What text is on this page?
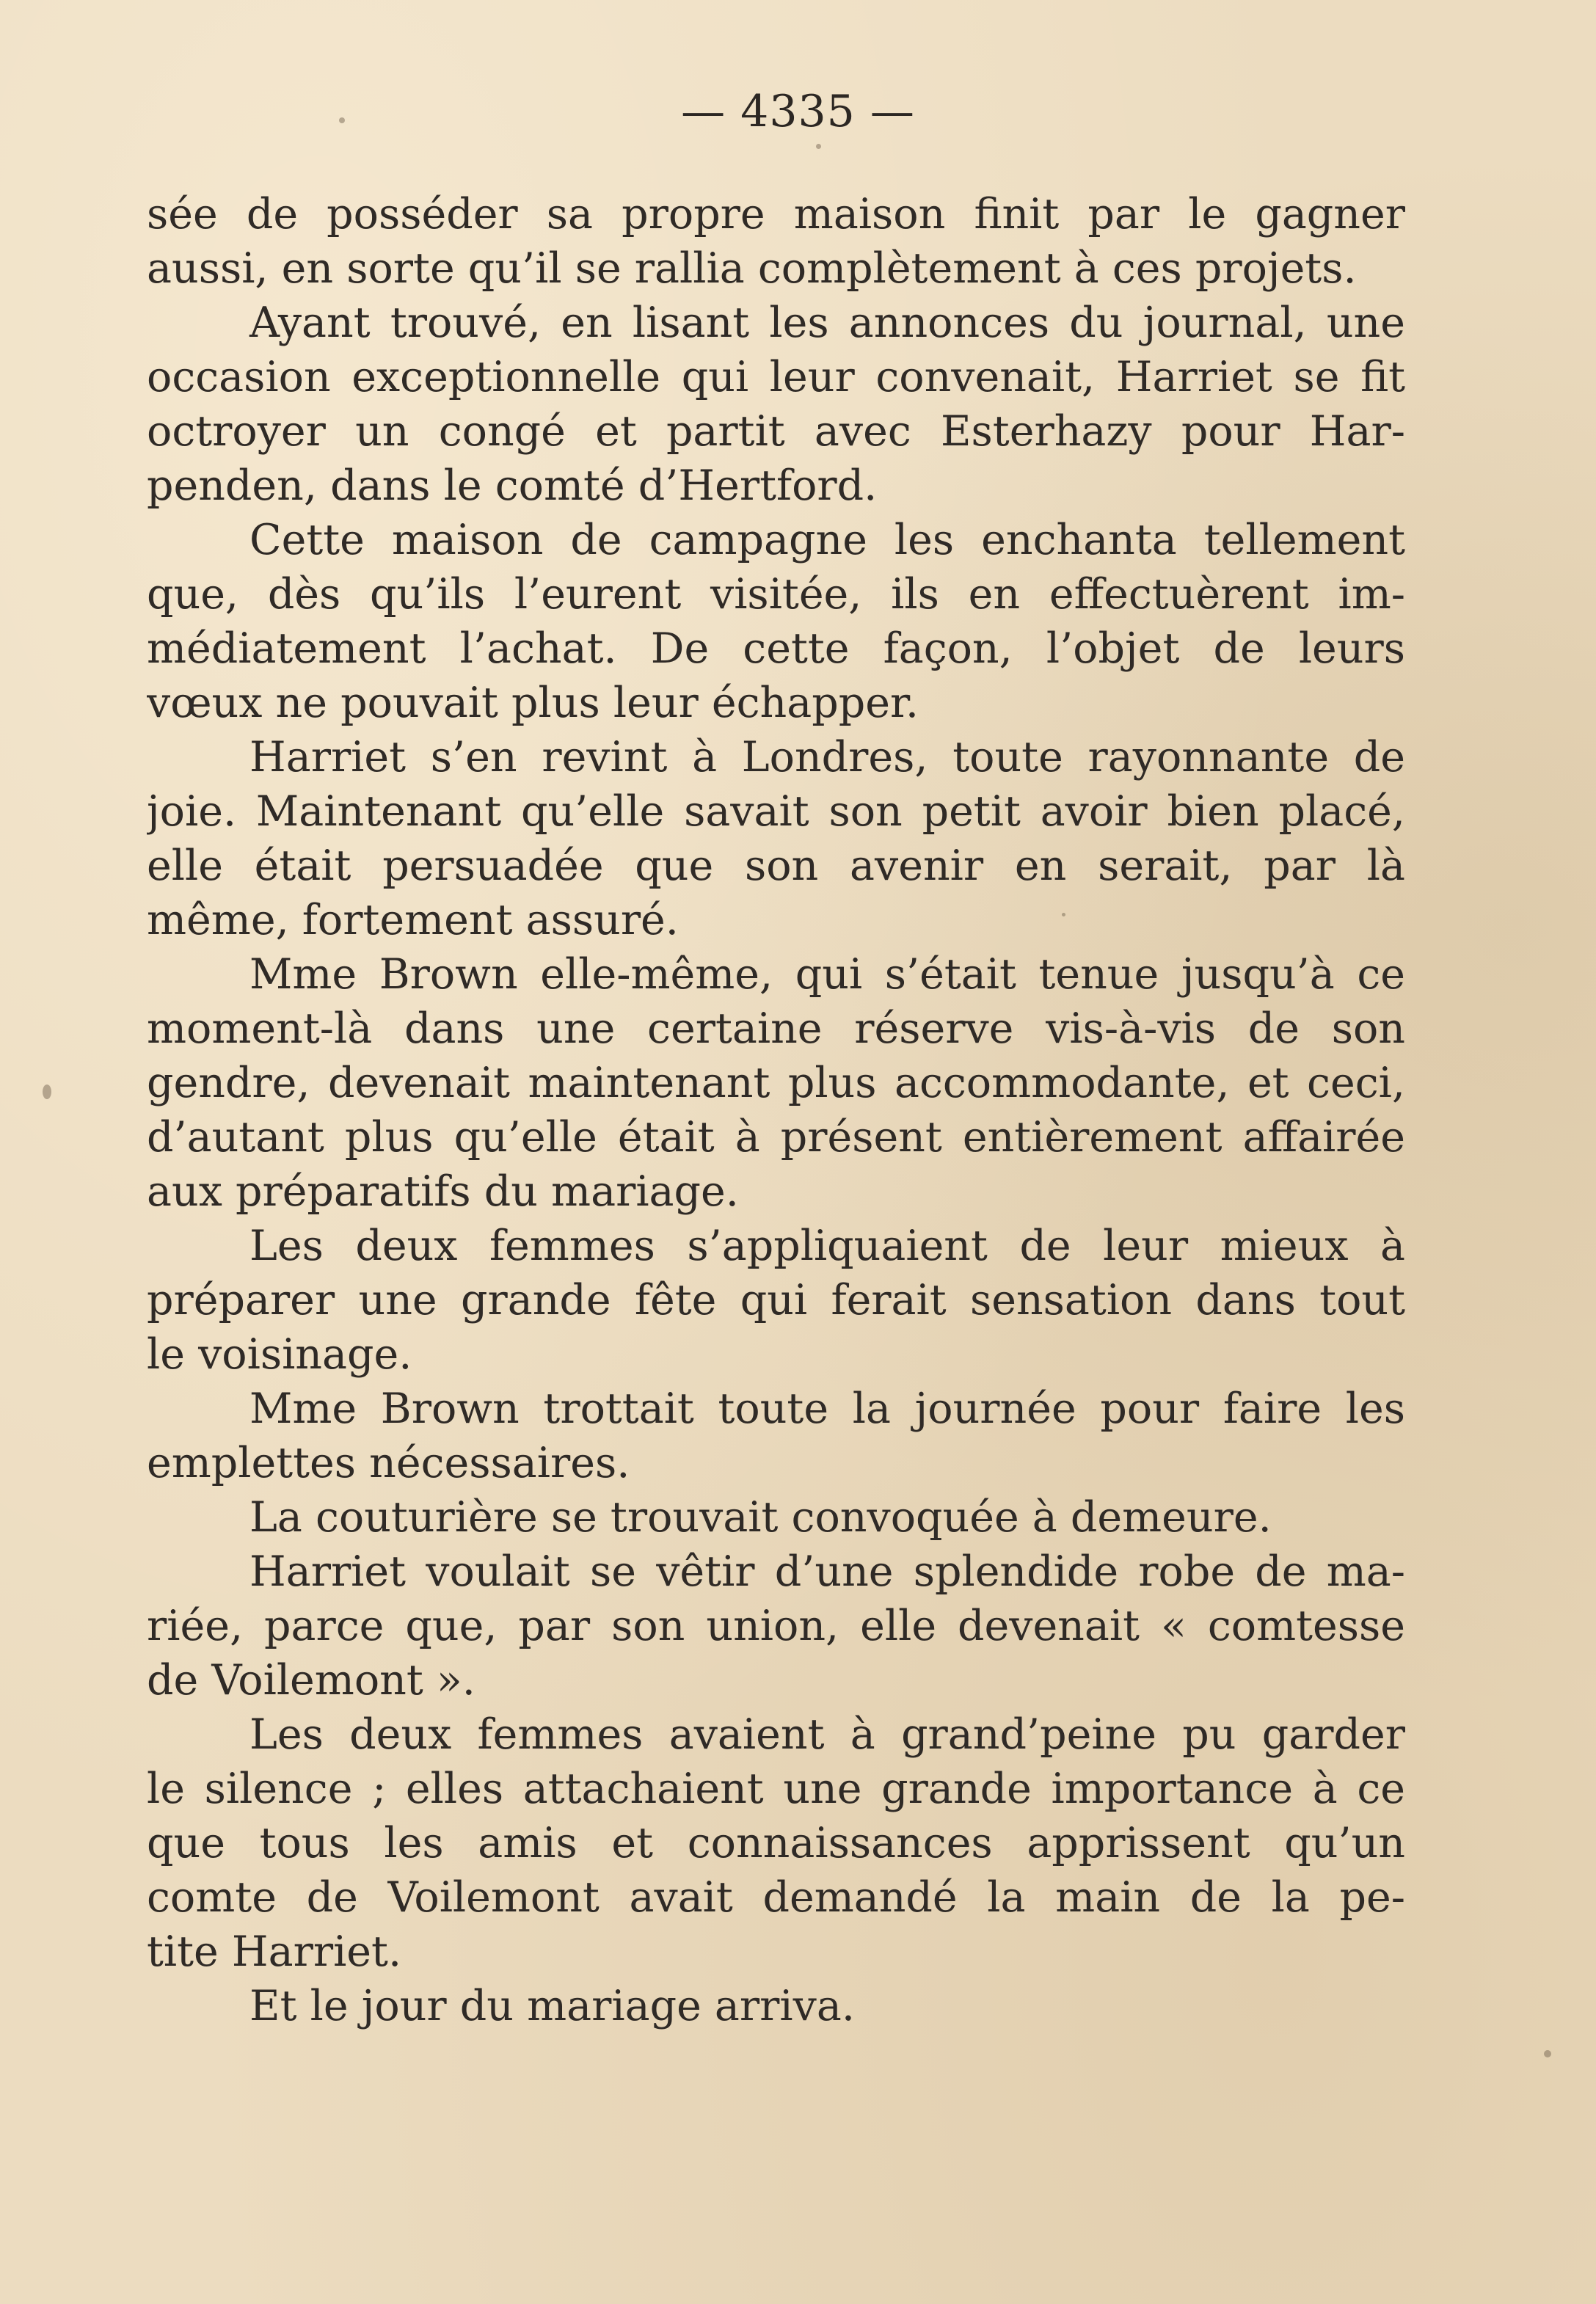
— 4335 —
sée de posséder sa propre maison finit par le gagner
aussi, en sorte qu’il se rallia complètement à ces projets.
Ayant trouvé, en lisant les annonces du journal, une
occasion exceptionnelle qui leur convenait, Harriet se fit
octroyer un congé et partit avec Esterhazy pour Har-
penden, dans le comté d’Hertford.
Cette maison de campagne les enchanta tellement
que, dès qu’ils l’eurent visitée, ils en effectuèrent im-
médiatement l’achat. De cette façon, l’objet de leurs
vœux ne pouvait plus leur échapper.
Harriet s’en revint à Londres, toute rayonnante de
joie. Maintenant qu’elle savait son petit avoir bien placé,
elle était persuadée que son avenir en serait, par là
même, fortement assuré.
Mme Brown elle-même, qui s’était tenue jusqu’à ce
moment-là dans une certaine réserve vis-à-vis de son
gendre, devenait maintenant plus accommodante, et ceci,
d’autant plus qu’elle était à présent entièrement affairée
aux préparatifs du mariage.
Les deux femmes s’appliquaient de leur mieux à
préparer une grande fête qui ferait sensation dans tout
le voisinage.
Mme Brown trottait toute la journée pour faire les
emplettes nécessaires.
La couturière se trouvait convoquée à demeure.
Harriet voulait se vêtir d’une splendide robe de ma-
riée, parce que, par son union, elle devenait « comtesse
de Voilemont ».
Les deux femmes avaient à grand’peine pu garder
le silence ; elles attachaient une grande importance à ce
que tous les amis et connaissances apprissent qu’un
comte de Voilemont avait demandé la main de la pe-
tite Harriet.
Et le jour du mariage arriva.
